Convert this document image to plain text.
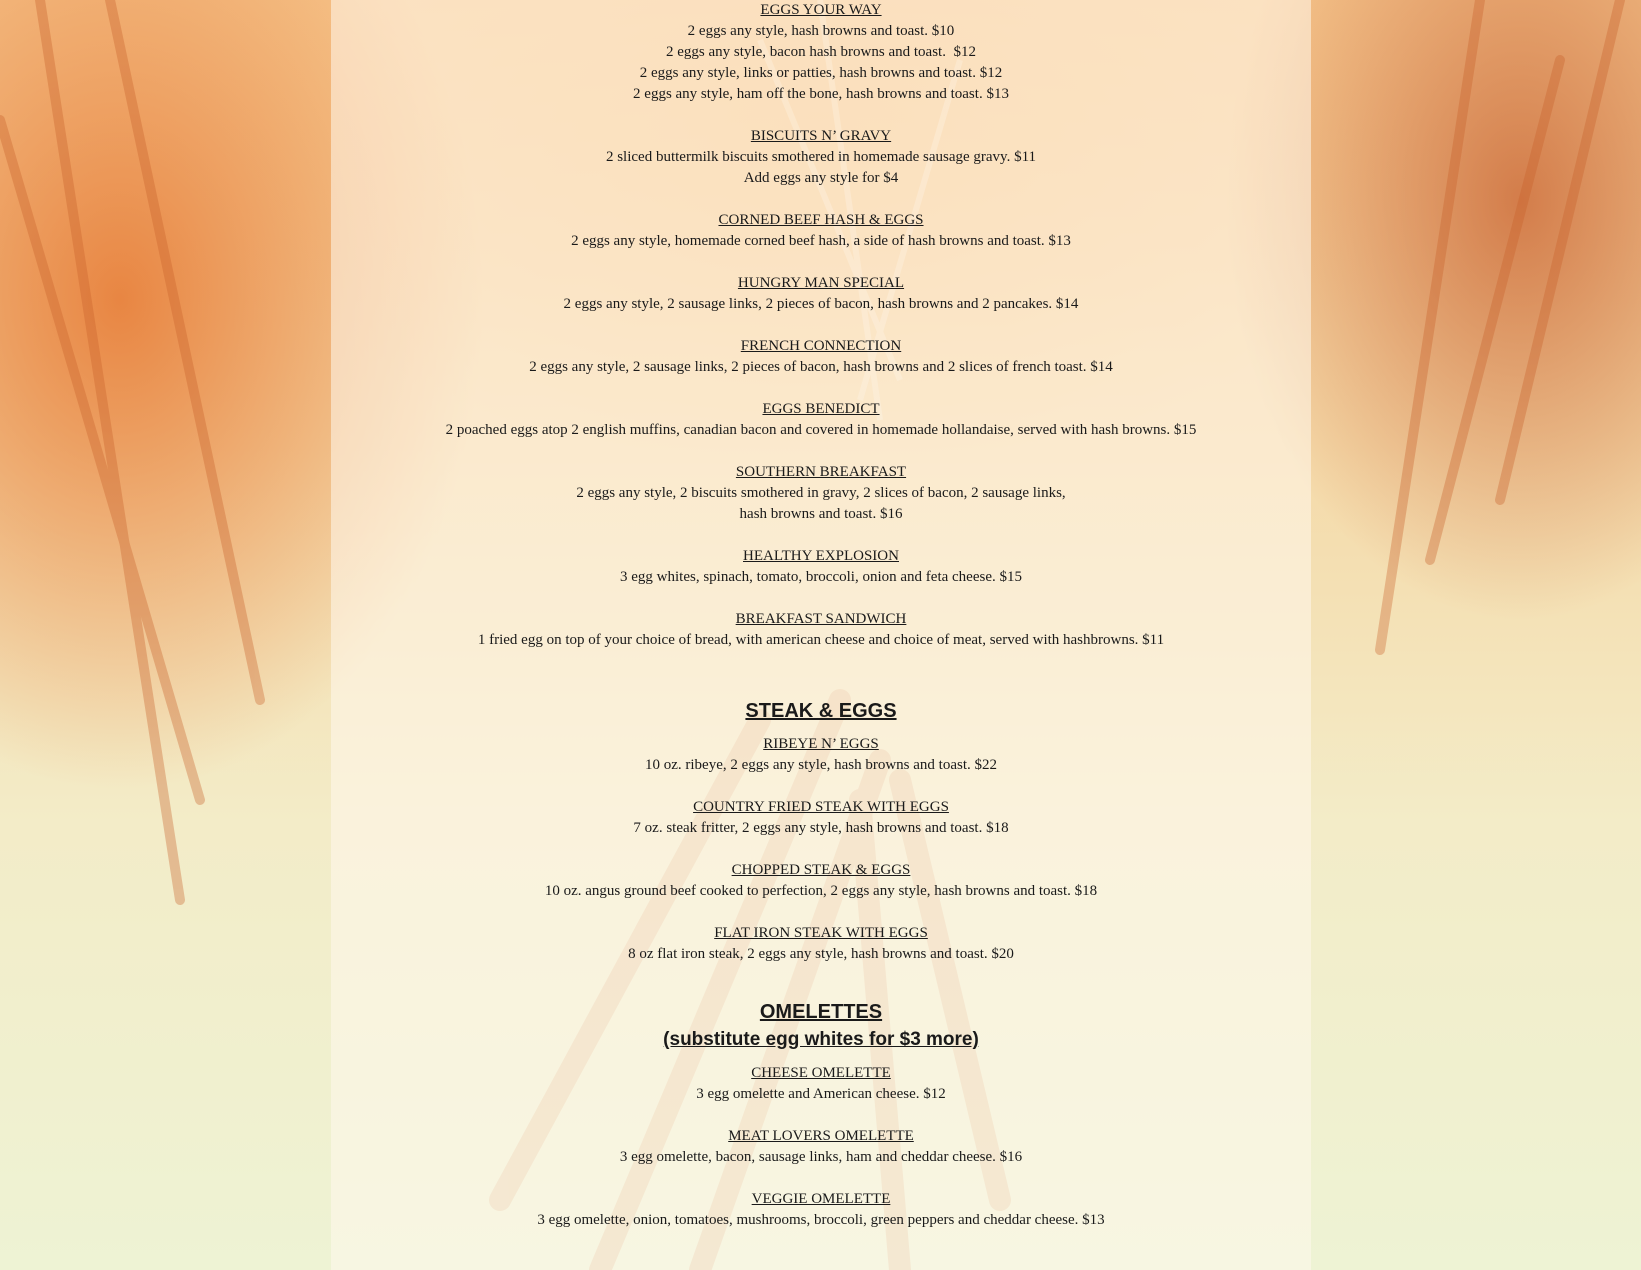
EGGS YOUR WAY

2 eggs any style, hash browns and toast. $10

2 eggs any style, bacon hash browns and toast.  $12

2 eggs any style, links or patties, hash browns and toast. $12

2 eggs any style, ham off the bone, hash browns and toast. $13

BISCUITS N’ GRAVY

2 sliced buttermilk biscuits smothered in homemade sausage gravy. $11

Add eggs any style for $4

CORNED BEEF HASH & EGGS

2 eggs any style, homemade corned beef hash, a side of hash browns and toast. $13

HUNGRY MAN SPECIAL

2 eggs any style, 2 sausage links, 2 pieces of bacon, hash browns and 2 pancakes. $14

FRENCH CONNECTION

2 eggs any style, 2 sausage links, 2 pieces of bacon, hash browns and 2 slices of french toast. $14

EGGS BENEDICT

2 poached eggs atop 2 english muffins, canadian bacon and covered in homemade hollandaise, served with hash browns. $15

SOUTHERN BREAKFAST

2 eggs any style, 2 biscuits smothered in gravy, 2 slices of bacon, 2 sausage links,

hash browns and toast. $16

HEALTHY EXPLOSION

3 egg whites, spinach, tomato, broccoli, onion and feta cheese. $15

BREAKFAST SANDWICH

1 fried egg on top of your choice of bread, with american cheese and choice of meat, served with hashbrowns. $11

STEAK & EGGS

RIBEYE N’ EGGS

10 oz. ribeye, 2 eggs any style, hash browns and toast. $22

COUNTRY FRIED STEAK WITH EGGS

7 oz. steak fritter, 2 eggs any style, hash browns and toast. $18

CHOPPED STEAK & EGGS

10 oz. angus ground beef cooked to perfection, 2 eggs any style, hash browns and toast. $18

FLAT IRON STEAK WITH EGGS

8 oz flat iron steak, 2 eggs any style, hash browns and toast. $20

OMELETTES

(substitute egg whites for $3 more)

CHEESE OMELETTE

3 egg omelette and American cheese. $12

MEAT LOVERS OMELETTE

3 egg omelette, bacon, sausage links, ham and cheddar cheese. $16

VEGGIE OMELETTE

3 egg omelette, onion, tomatoes, mushrooms, broccoli, green peppers and cheddar cheese. $13
